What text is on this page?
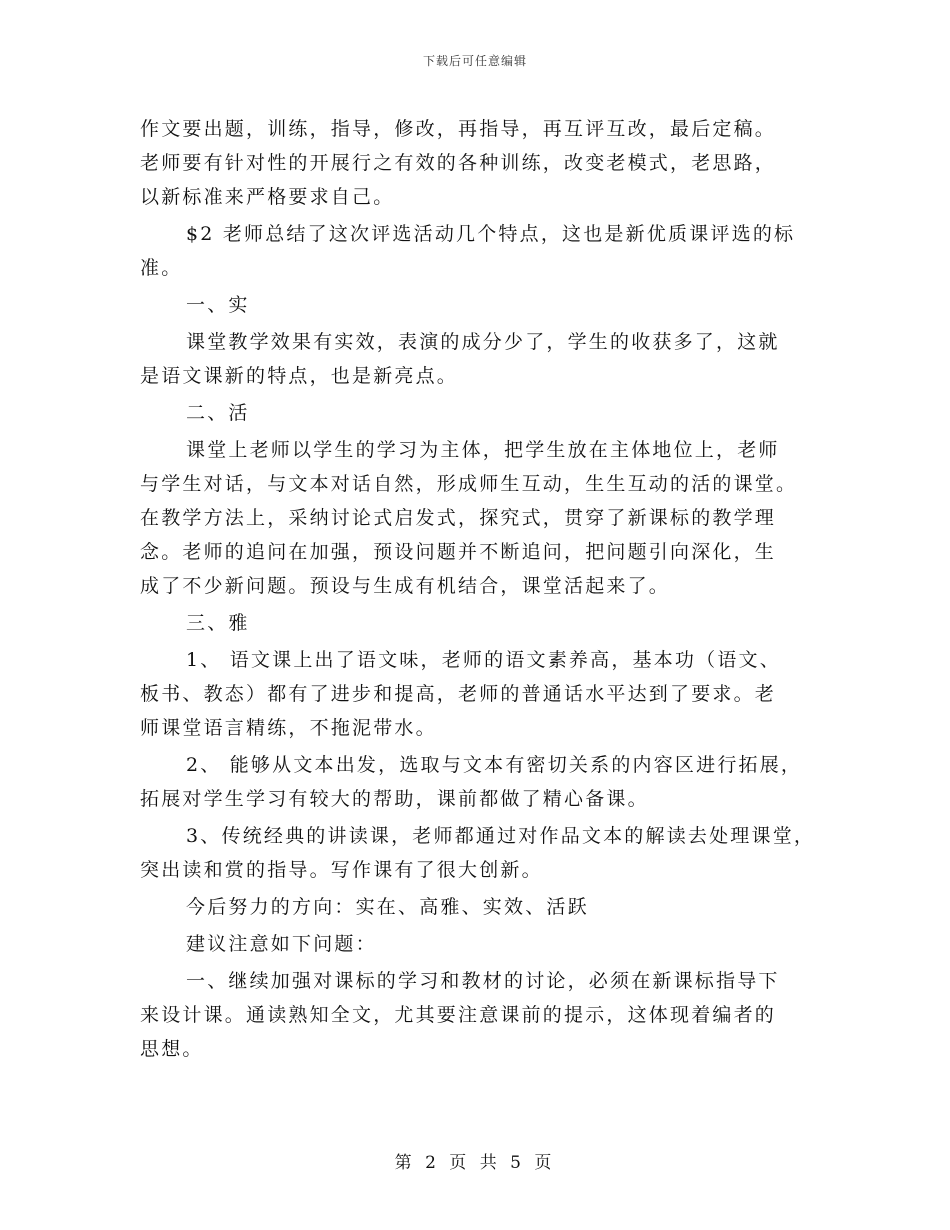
下载后可任意编辑
作文要出题，训练，指导，修改，再指导，再互评互改，最后定稿。
老师要有针对性的开展行之有效的各种训练，改变老模式，老思路，
以新标准来严格要求自己。
$2 老师总结了这次评选活动几个特点，这也是新优质课评选的标
准。
一、实
课堂教学效果有实效，表演的成分少了，学生的收获多了，这就
是语文课新的特点，也是新亮点。
二、活
课堂上老师以学生的学习为主体，把学生放在主体地位上，老师
与学生对话，与文本对话自然，形成师生互动，生生互动的活的课堂。
在教学方法上，采纳讨论式启发式，探究式，贯穿了新课标的教学理
念。老师的追问在加强，预设问题并不断追问，把问题引向深化，生
成了不少新问题。预设与生成有机结合，课堂活起来了。
三、雅
1、 语文课上出了语文味，老师的语文素养高，基本功（语文、
板书、教态）都有了进步和提高，老师的普通话水平达到了要求。老
师课堂语言精练，不拖泥带水。
2、 能够从文本出发，选取与文本有密切关系的内容区进行拓展，
拓展对学生学习有较大的帮助，课前都做了精心备课。
3、传统经典的讲读课，老师都通过对作品文本的解读去处理课堂，
突出读和赏的指导。写作课有了很大创新。
今后努力的方向：实在、高雅、实效、活跃
建议注意如下问题：
一、继续加强对课标的学习和教材的讨论，必须在新课标指导下
来设计课。通读熟知全文，尤其要注意课前的提示，这体现着编者的
思想。
第 2 页 共 5 页
